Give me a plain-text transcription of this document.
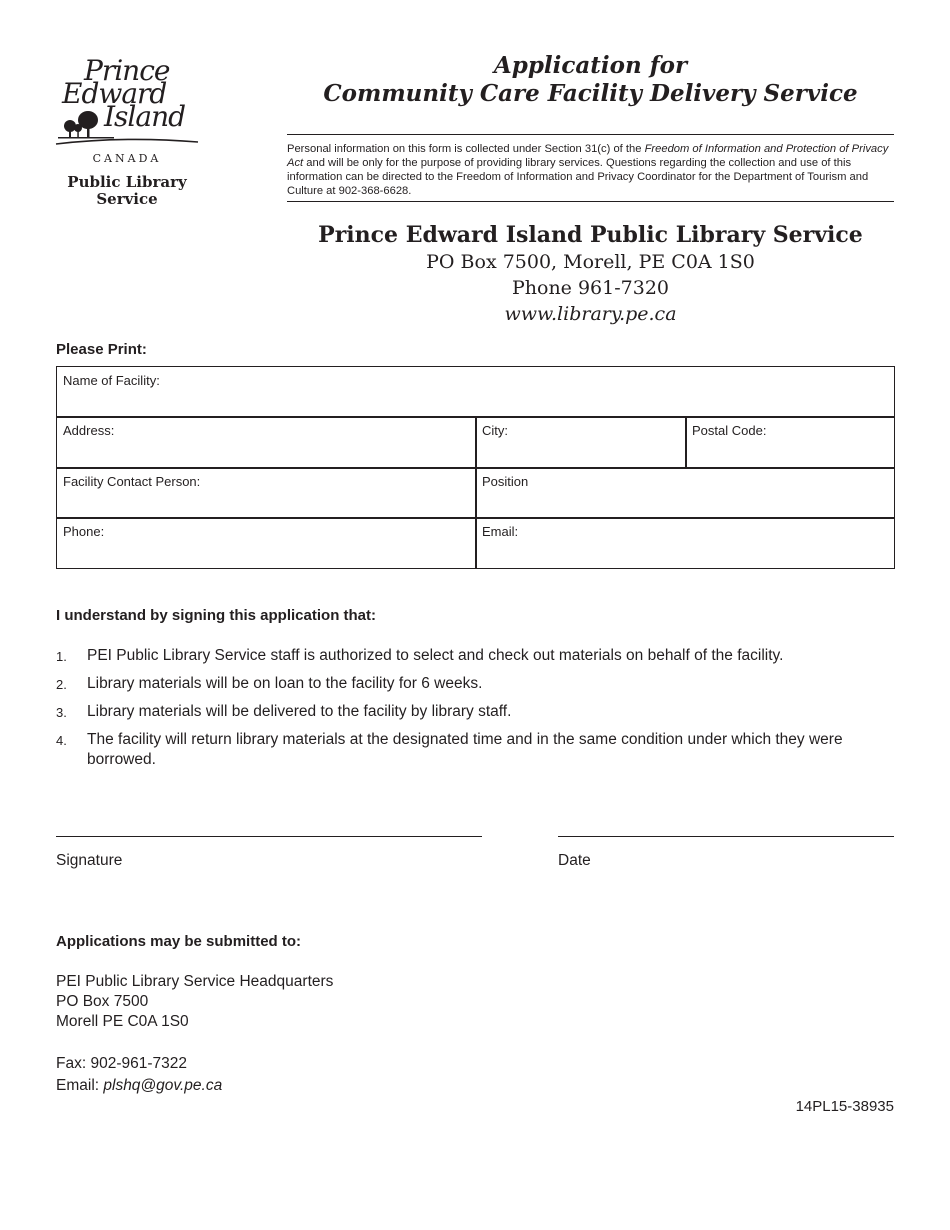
Prince
Edward
Island
CANADA
Public Library
Service
Application for
Community Care Facility Delivery Service
Personal information on this form is collected under Section 31(c) of the Freedom of Information and Protection of Privacy Act and will be only for the purpose of providing library services. Questions regarding the collection and use of this information can be directed to the Freedom of Information and Privacy Coordinator for the Department of Tourism and Culture at 902-368-6628.
Prince Edward Island Public Library Service
PO Box 7500, Morell, PE C0A 1S0
Phone 961-7320
www.library.pe.ca
Please Print:
Name of Facility:
Address:	City:	Postal Code:
Facility Contact Person:	Position
Phone:	Email:
I understand by signing this application that:
1. PEI Public Library Service staff is authorized to select and check out materials on behalf of the facility.
2. Library materials will be on loan to the facility for 6 weeks.
3. Library materials will be delivered to the facility by library staff.
4. The facility will return library materials at the designated time and in the same condition under which they were borrowed.
Signature	Date
Applications may be submitted to:
PEI Public Library Service Headquarters
PO Box 7500
Morell PE C0A 1S0
Fax: 902-961-7322
Email: plshq@gov.pe.ca
14PL15-38935
